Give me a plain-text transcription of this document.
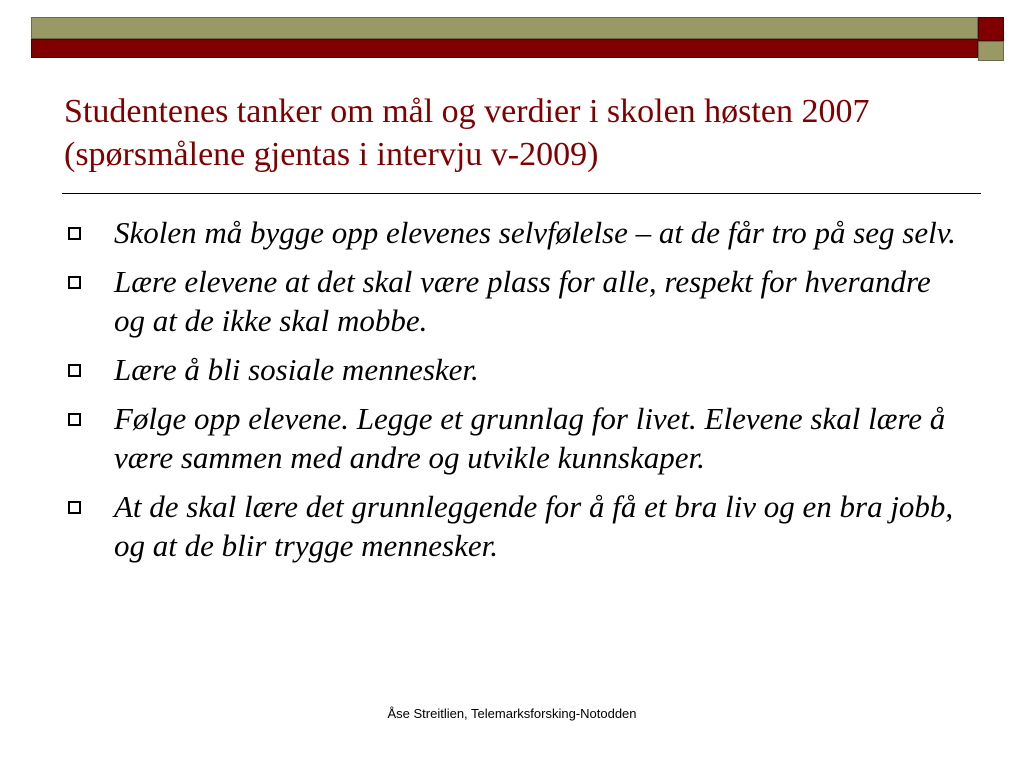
Studentenes tanker om mål og verdier i skolen høsten 2007 (spørsmålene gjentas i intervju v-2009)
Skolen må bygge opp elevenes selvfølelse – at de får tro på seg selv.
Lære elevene at det skal være plass for alle, respekt for hverandre og at de ikke skal mobbe.
Lære å bli sosiale mennesker.
Følge opp elevene. Legge et grunnlag for livet. Elevene skal lære å være sammen med andre og utvikle kunnskaper.
At de skal lære det grunnleggende for å få et bra liv og en bra jobb, og at de blir trygge mennesker.
Åse Streitlien, Telemarksforsking-Notodden
